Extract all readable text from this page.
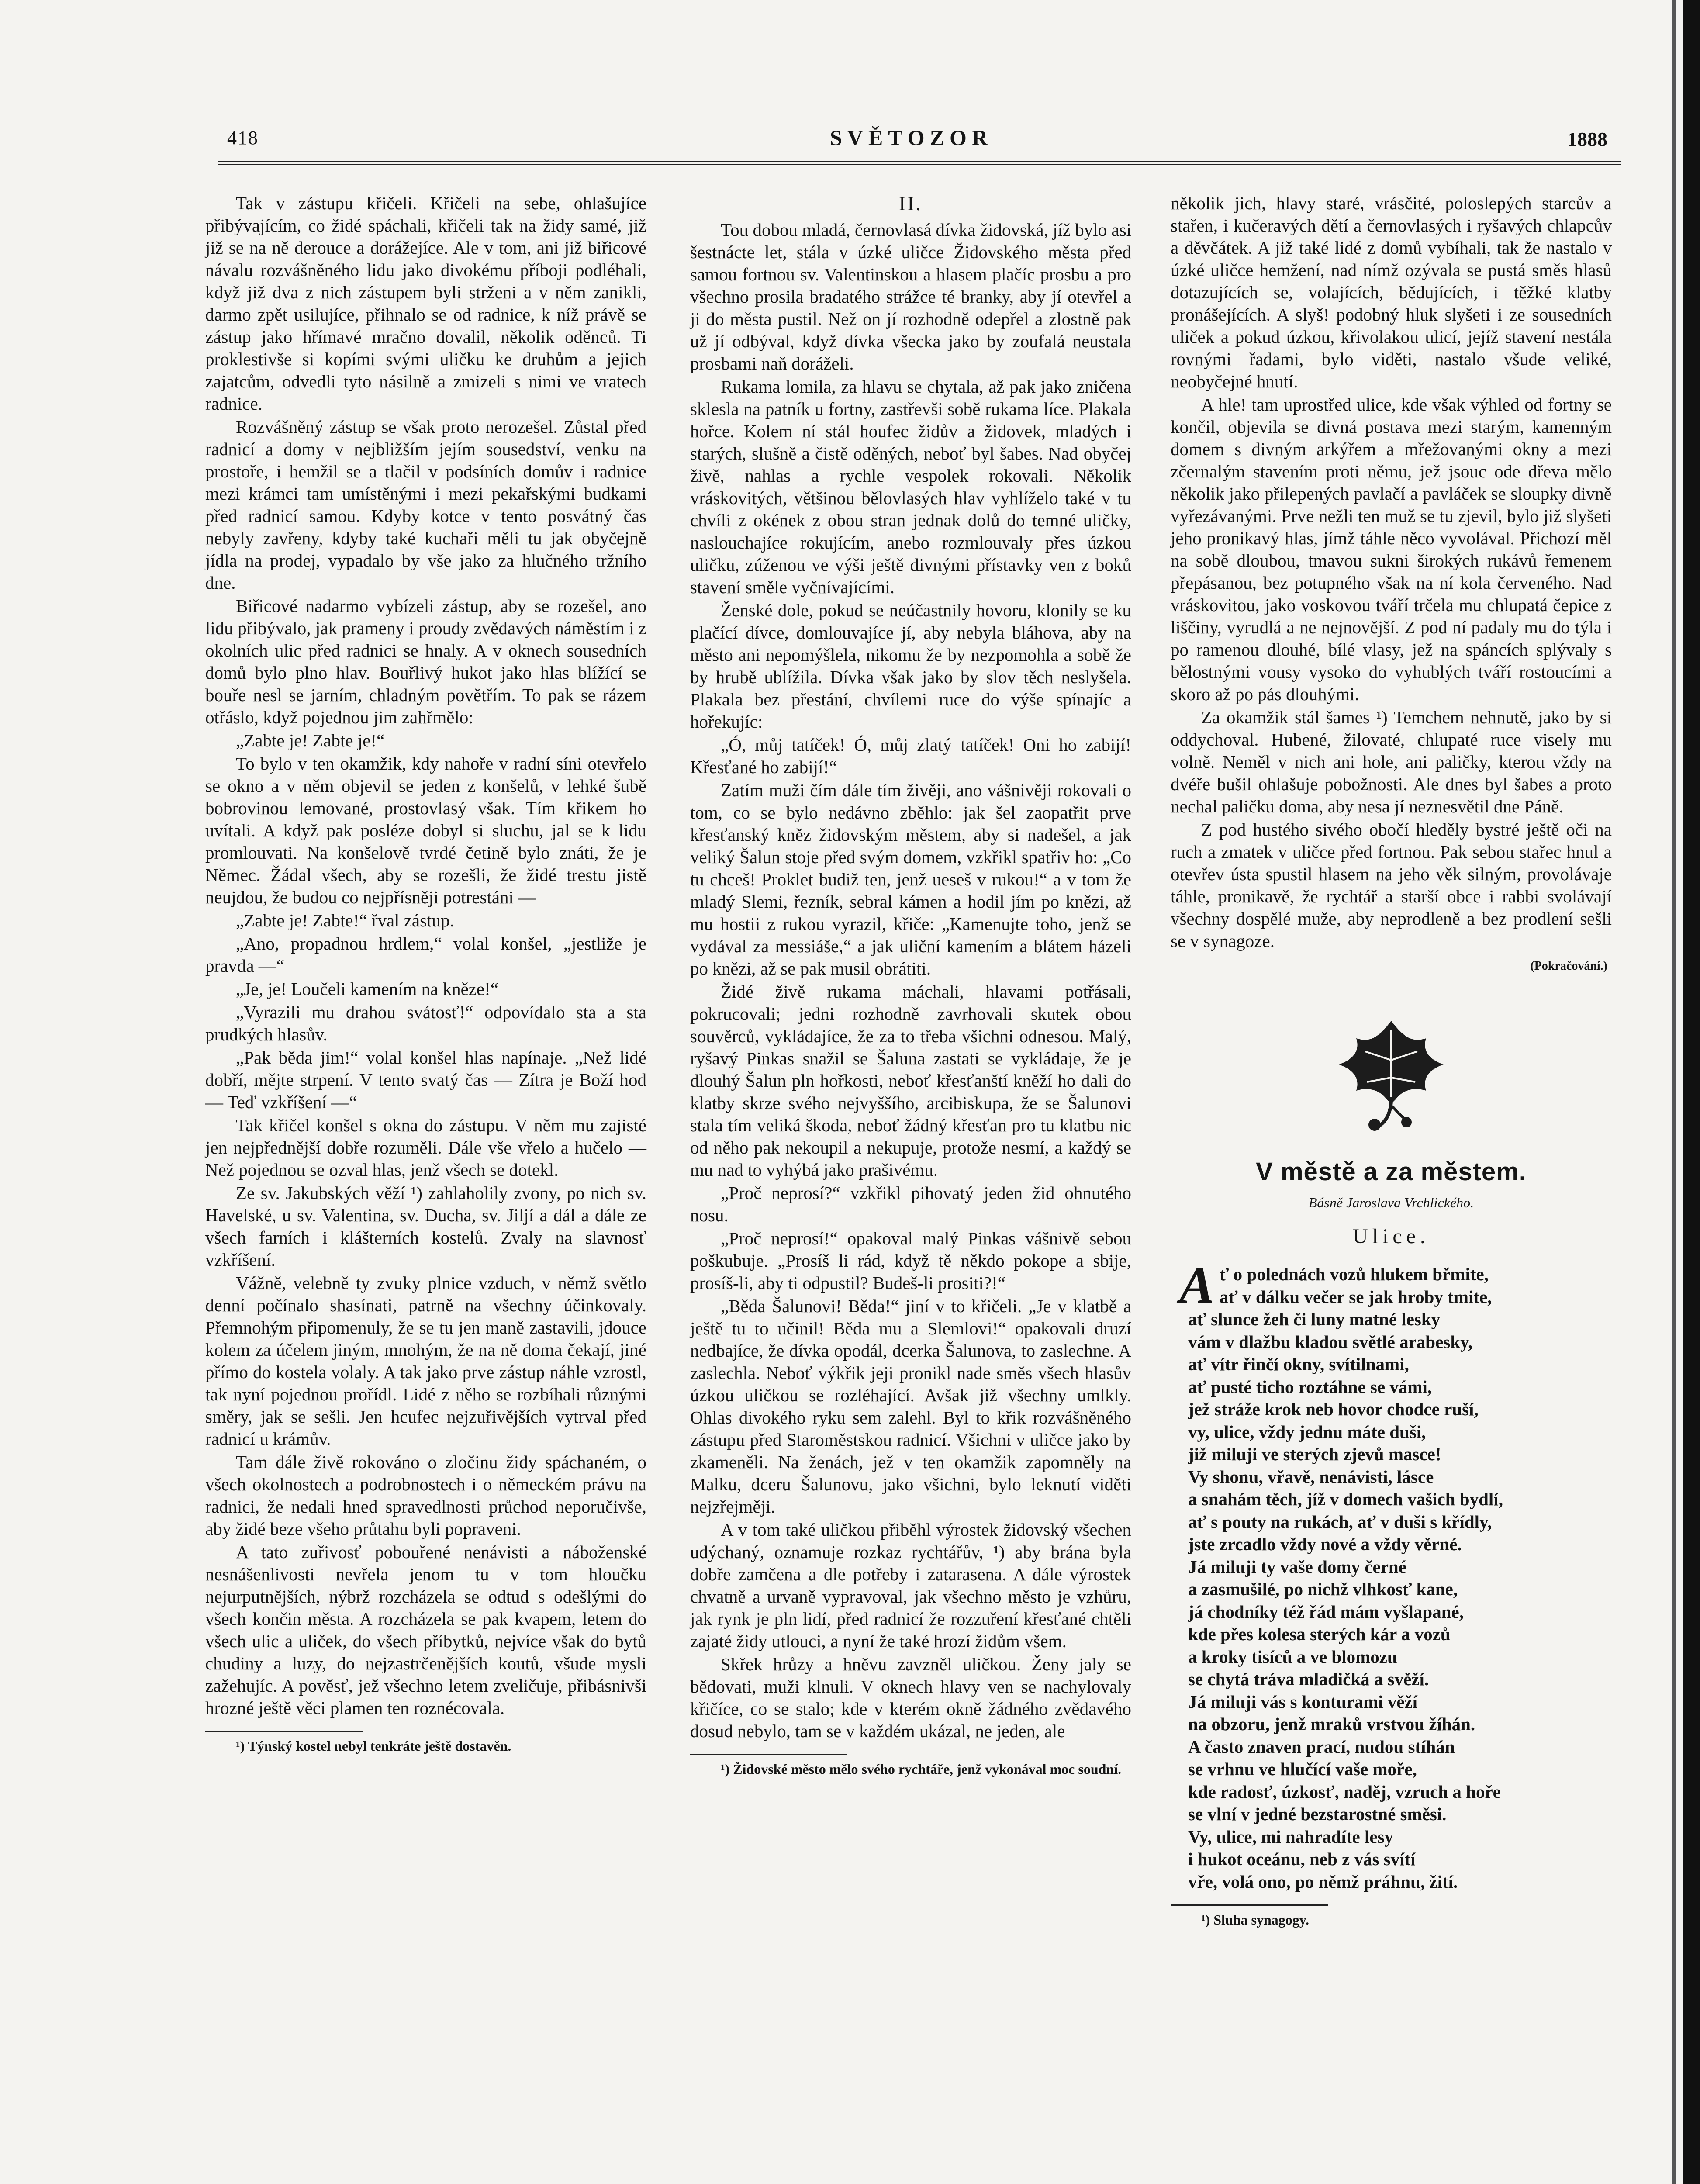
418	SVĚTOZOR	1888

Tak v zástupu křičeli. Křičeli na sebe, ohlašujíce přibývajícím, co židé spáchali, křičeli tak na židy samé, již již se na ně derouce a dorážejíce. Ale v tom, ani již biřicové návalu rozvášněného lidu jako divokému příboji podléhali, když již dva z nich zástupem byli strženi a v něm zanikli, darmo zpět usilujíce, přihnalo se od radnice, k níž právě se zástup jako hřímavé mračno dovalil, několik oděnců. Ti proklestivše si kopími svými uličku ke druhům a jejich zajatcům, odvedli tyto násilně a zmizeli s nimi ve vratech radnice.

Rozvášněný zástup se však proto nerozešel. Zůstal před radnicí a domy v nejbližším jejím sousedství, venku na prostoře, i hemžil se a tlačil v podsíních domův i radnice mezi krámci tam umístěnými i mezi pekařskými budkami před radnicí samou. Kdyby kotce v tento posvátný čas nebyly zavřeny, kdyby také kuchaři měli tu jak obyčejně jídla na prodej, vypadalo by vše jako za hlučného tržního dne.

Biřicové nadarmo vybízeli zástup, aby se rozešel, ano lidu přibývalo, jak prameny i proudy zvědavých náměstím i z okolních ulic před radnici se hnaly. A v oknech sousedních domů bylo plno hlav. Bouřlivý hukot jako hlas blížící se bouře nesl se jarním, chladným povětřím. To pak se rázem otřáslo, když pojednou jim zahřmělo:

„Zabte je! Zabte je!“

To bylo v ten okamžik, kdy nahoře v radní síni otevřelo se okno a v něm objevil se jeden z konšelů, v lehké šubě bobrovinou lemované, prostovlasý však. Tím křikem ho uvítali. A když pak posléze dobyl si sluchu, jal se k lidu promlouvati. Na konšelově tvrdé četině bylo znáti, že je Němec. Žádal všech, aby se rozešli, že židé trestu jistě neujdou, že budou co nejpřísněji potrestáni —

„Zabte je! Zabte!“ řval zástup.

„Ano, propadnou hrdlem,“ volal konšel, „jestliže je pravda —“

„Je, je! Loučeli kamením na kněze!“

„Vyrazili mu drahou svátosť!“ odpovídalo sta a sta prudkých hlasův.

„Pak běda jim!“ volal konšel hlas napínaje. „Než lidé dobří, mějte strpení. V tento svatý čas — Zítra je Boží hod — Teď vzkříšení —“

Tak křičel konšel s okna do zástupu. V něm mu zajisté jen nejpřednější dobře rozuměli. Dále vše vřelo a hučelo — Než pojednou se ozval hlas, jenž všech se dotekl.

Ze sv. Jakubských věží ¹) zahlaholily zvony, po nich sv. Havelské, u sv. Valentina, sv. Ducha, sv. Jiljí a dál a dále ze všech farních i klášterních kostelů. Zvaly na slavnosť vzkříšení.

Vážně, velebně ty zvuky plnice vzduch, v němž světlo denní počínalo shasínati, patrně na všechny účinkovaly. Přemnohým připomenuly, že se tu jen maně zastavili, jdouce kolem za účelem jiným, mnohým, že na ně doma čekají, jiné přímo do kostela volaly. A tak jako prve zástup náhle vzrostl, tak nyní pojednou prořídl. Lidé z něho se rozbíhali různými směry, jak se sešli. Jen hcufec nejzuřivějších vytrval před radnicí u krámův.

Tam dále živě rokováno o zločinu židy spáchaném, o všech okolnostech a podrobnostech i o německém právu na radnici, že nedali hned spravedlnosti průchod neporučivše, aby židé beze všeho průtahu byli popraveni.

A tato zuřivosť pobouřené nenávisti a náboženské nesnášenlivosti nevřela jenom tu v tom hloučku nejurputnějších, nýbrž rozcházela se odtud s odešlými do všech končin města. A rozcházela se pak kvapem, letem do všech ulic a uliček, do všech příbytků, nejvíce však do bytů chudiny a luzy, do nejzastrčenějších koutů, všude mysli zažehujíc. A pověsť, jež všechno letem zveličuje, přibásnivši hrozné ještě věci plamen ten roznécovala.

¹) Týnský kostel nebyl tenkráte ještě dostavěn.

II.

Tou dobou mladá, černovlasá dívka židovská, jíž bylo asi šestnácte let, stála v úzké uličce Židovského města před samou fortnou sv. Valentinskou a hlasem plačíc prosbu a pro všechno prosila bradatého strážce té branky, aby jí otevřel a ji do města pustil. Než on jí rozhodně odepřel a zlostně pak už jí odbýval, když dívka všecka jako by zoufalá neustala prosbami naň doráželi.

Rukama lomila, za hlavu se chytala, až pak jako zničena sklesla na patník u fortny, zastřevši sobě rukama líce. Plakala hořce. Kolem ní stál houfec židův a židovek, mladých i starých, slušně a čistě oděných, neboť byl šabes. Nad obyčej živě, nahlas a rychle vespolek rokovali. Několik vráskovitých, většinou bělovlasých hlav vyhlíželo také v tu chvíli z okének z obou stran jednak dolů do temné uličky, naslouchajíce rokujícím, anebo rozmlouvaly přes úzkou uličku, zúženou ve výši ještě divnými přístavky ven z boků stavení směle vyčnívajícími.

Ženské dole, pokud se neúčastnily hovoru, klonily se ku plačící dívce, domlouvajíce jí, aby nebyla bláhova, aby na město ani nepomýšlela, nikomu že by nezpomohla a sobě že by hrubě ublížila. Dívka však jako by slov těch neslyšela. Plakala bez přestání, chvílemi ruce do výše spínajíc a hořekujíc:

„Ó, můj tatíček! Ó, můj zlatý tatíček! Oni ho zabijí! Křesťané ho zabijí!“

Zatím muži čím dále tím živěji, ano vášnivěji rokovali o tom, co se bylo nedávno zběhlo: jak šel zaopatřit prve křesťanský kněz židovským městem, aby si nadešel, a jak veliký Šalun stoje před svým domem, vzkřikl spatřiv ho: „Co tu chceš! Proklet budiž ten, jenž ueseš v rukou!“ a v tom že mladý Slemi, řezník, sebral kámen a hodil jím po knězi, až mu hostii z rukou vyrazil, křiče: „Kamenujte toho, jenž se vydával za messiáše,“ a jak uliční kamením a blátem házeli po knězi, až se pak musil obrátiti.

Židé živě rukama máchali, hlavami potřásali, pokrucovali; jedni rozhodně zavrhovali skutek obou souvěrců, vykládajíce, že za to třeba všichni odnesou. Malý, ryšavý Pinkas snažil se Šaluna zastati se vykládaje, že je dlouhý Šalun pln hořkosti, neboť křesťanští kněží ho dali do klatby skrze svého nejvyššího, arcibiskupa, že se Šalunovi stala tím veliká škoda, neboť žádný křesťan pro tu klatbu nic od něho pak nekoupil a nekupuje, protože nesmí, a každý se mu nad to vyhýbá jako prašivému.

„Proč neprosí?“ vzkřikl pihovatý jeden žid ohnutého nosu.

„Proč neprosí!“ opakoval malý Pinkas vášnivě sebou poškubuje. „Prosíš li rád, když tě někdo pokope a sbije, prosíš-li, aby ti odpustil? Budeš-li prositi?!“

„Běda Šalunovi! Běda!“ jiní v to křičeli. „Je v klatbě a ještě tu to učinil! Běda mu a Slemlovi!“ opakovali druzí nedbajíce, že dívka opodál, dcerka Šalunova, to zaslechne. A zaslechla. Neboť výkřik jeji pronikl nade směs všech hlasův úzkou uličkou se rozléhající. Avšak již všechny umlkly. Ohlas divokého ryku sem zalehl. Byl to křik rozvášněného zástupu před Staroměstskou radnicí. Všichni v uličce jako by zkameněli. Na ženách, jež v ten okamžik zapomněly na Malku, dceru Šalunovu, jako všichni, bylo leknutí viděti nejzřejměji.

A v tom také uličkou přiběhl výrostek židovský všechen udýchaný, oznamuje rozkaz rychtářův, ¹) aby brána byla dobře zamčena a dle potřeby i zatarasena. A dále výrostek chvatně a urvaně vypravoval, jak všechno město je vzhůru, jak rynk je pln lidí, před radnicí že rozzuření křesťané chtěli zajaté židy utlouci, a nyní že také hrozí židům všem.

Skřek hrůzy a hněvu zavzněl uličkou. Ženy jaly se bědovati, muži klnuli. V oknech hlavy ven se nachylovaly křičíce, co se stalo; kde v kterém okně žádného zvědavého dosud nebylo, tam se v každém ukázal, ne jeden, ale

¹) Židovské město mělo svého rychtáře, jenž vykonával moc soudní.

několik jich, hlavy staré, vrásčité, poloslepých starcův a stařen, i kučeravých dětí a černovlasých i ryšavých chlapcův a děvčátek. A již také lidé z domů vybíhali, tak že nastalo v úzké uličce hemžení, nad nímž ozývala se pustá směs hlasů dotazujících se, volajících, bědujících, i těžké klatby pronášejících. A slyš! podobný hluk slyšeti i ze sousedních uliček a pokud úzkou, křivolakou ulicí, jejíž stavení nestála rovnými řadami, bylo viděti, nastalo všude veliké, neobyčejné hnutí.

A hle! tam uprostřed ulice, kde však výhled od fortny se končil, objevila se divná postava mezi starým, kamenným domem s divným arkýřem a mřežovanými okny a mezi zčernalým stavením proti němu, jež jsouc ode dřeva mělo několik jako přilepených pavlačí a pavláček se sloupky divně vyřezávanými. Prve nežli ten muž se tu zjevil, bylo již slyšeti jeho pronikavý hlas, jímž táhle něco vyvolával. Přichozí měl na sobě dloubou, tmavou sukni širokých rukávů řemenem přepásanou, bez potupného však na ní kola červeného. Nad vráskovitou, jako voskovou tváří trčela mu chlupatá čepice z liščiny, vyrudlá a ne nejnovější. Z pod ní padaly mu do týla i po ramenou dlouhé, bílé vlasy, jež na spáncích splývaly s bělostnými vousy vysoko do vyhublých tváří rostoucími a skoro až po pás dlouhými.

Za okamžik stál šames ¹) Temchem nehnutě, jako by si oddychoval. Hubené, žilovaté, chlupaté ruce visely mu volně. Neměl v nich ani hole, ani paličky, kterou vždy na dvéře bušil ohlašuje pobožnosti. Ale dnes byl šabes a proto nechal paličku doma, aby nesa jí neznesvětil dne Páně.

Z pod hustého sivého obočí hleděly bystré ještě oči na ruch a zmatek v uličce před fortnou. Pak sebou stařec hnul a otevřev ústa spustil hlasem na jeho věk silným, provolávaje táhle, pronikavě, že rychtář a starší obce i rabbi svolávají všechny dospělé muže, aby neprodleně a bez prodlení sešli se v synagoze.

(Pokračování.)
V městě a za městem.
Básně Jaroslava Vrchlického.
Ulice.
A ť o polednách vozů hlukem břmite,
ať v dálku večer se jak hroby tmite,
ať slunce žeh či luny matné lesky
vám v dlažbu kladou světlé arabesky,
ať vítr řinčí okny, svítilnami,
ať pusté ticho roztáhne se vámi,
jež stráže krok neb hovor chodce ruší,
vy, ulice, vždy jednu máte duši,
již miluji ve sterých zjevů masce!
Vy shonu, vřavě, nenávisti, lásce
a snahám těch, jíž v domech vašich bydlí,
ať s pouty na rukách, ať v duši s křídly,
jste zrcadlo vždy nové a vždy věrné.
Já miluji ty vaše domy černé
a zasmušilé, po nichž vlhkosť kane,
já chodníky též řád mám vyšlapané,
kde přes kolesa sterých kár a vozů
a kroky tisíců a ve blomozu
se chytá tráva mladičká a svěží.
Já miluji vás s konturami věží
na obzoru, jenž mraků vrstvou žíhán.
A často znaven prací, nudou stíhán
se vrhnu ve hlučící vaše moře,
kde radosť, úzkosť, naděj, vzruch a hoře
se vlní v jedné bezstarostné směsi.
Vy, ulice, mi nahradíte lesy
i hukot oceánu, neb z vás svítí
vře, volá ono, po němž práhnu, žití.

¹) Sluha synagogy.
